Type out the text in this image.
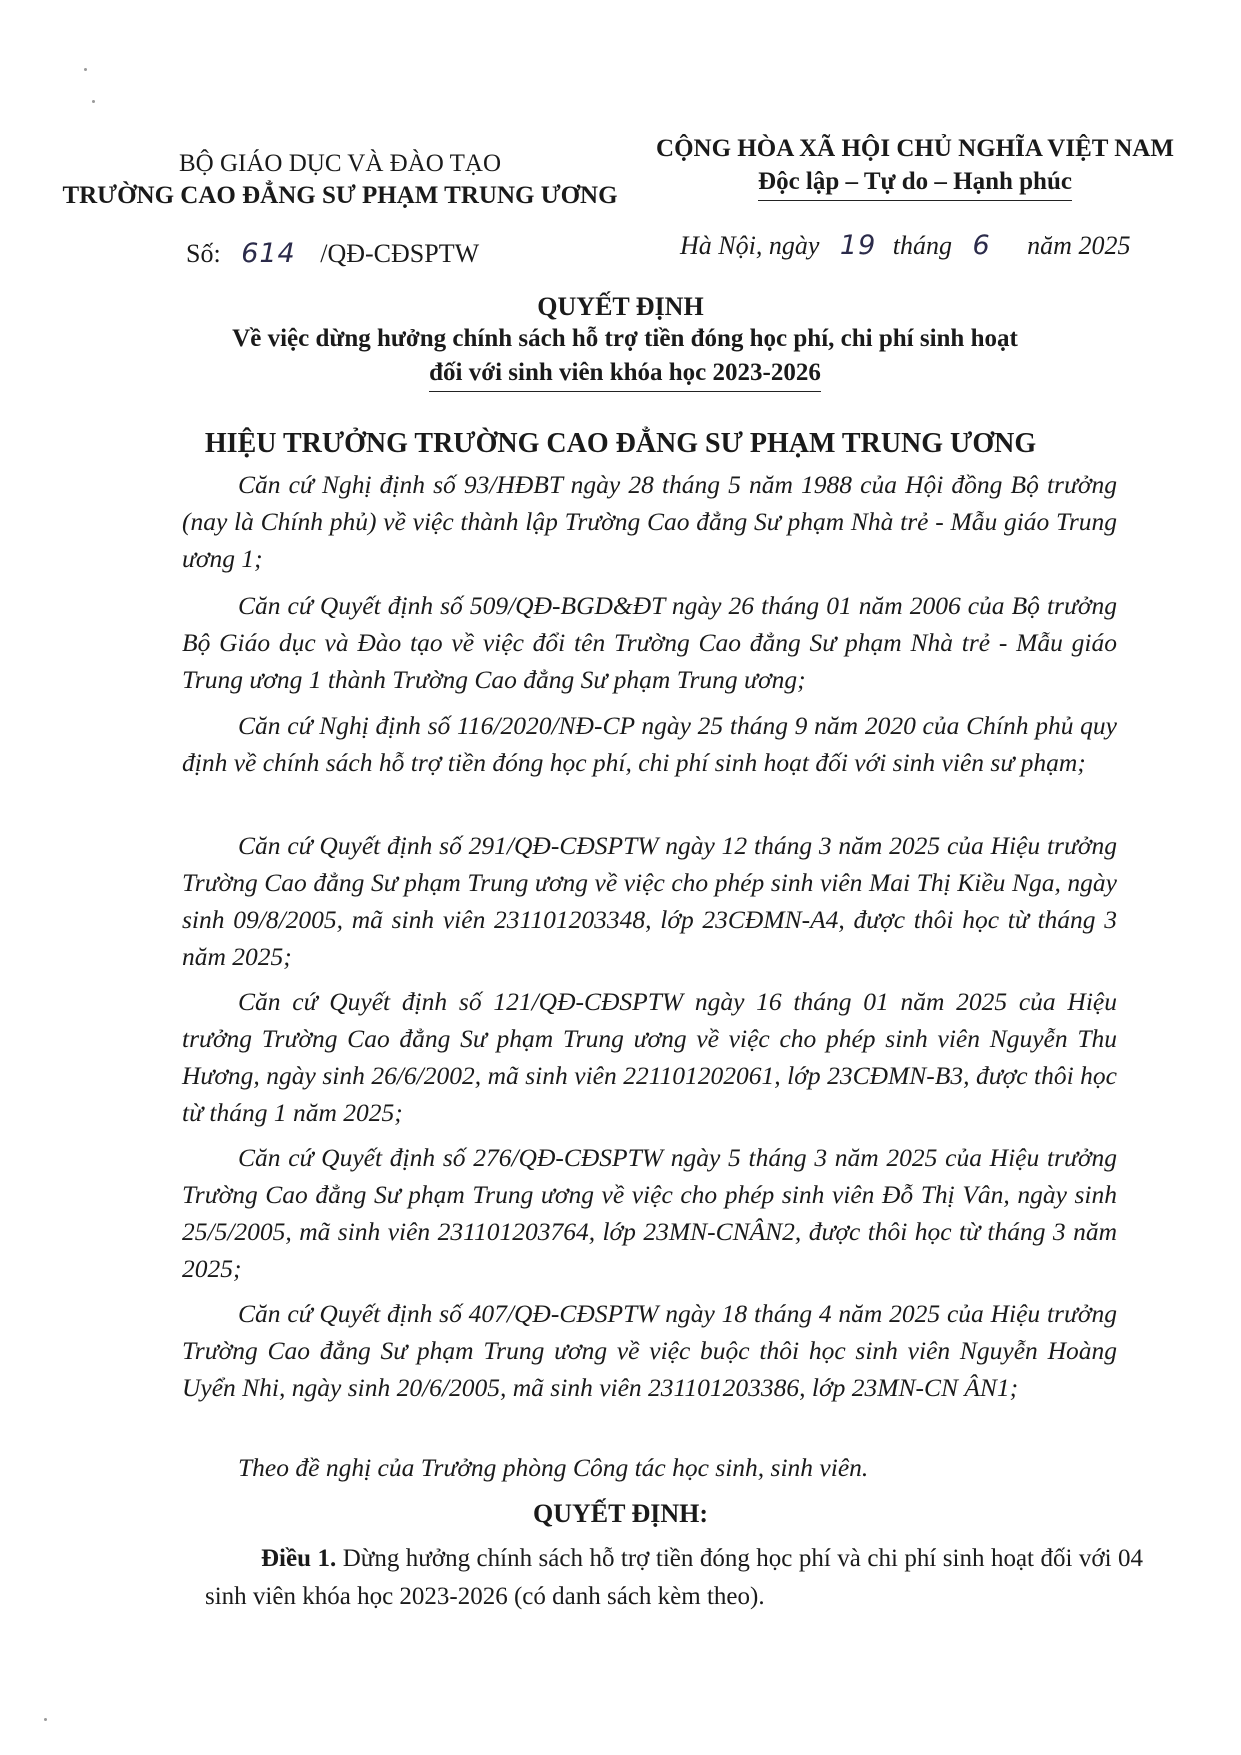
BỘ GIÁO DỤC VÀ ĐÀO TẠO
TRƯỜNG CAO ĐẲNG SƯ PHẠM TRUNG ƯƠNG
CỘNG HÒA XÃ HỘI CHỦ NGHĨA VIỆT NAM
Độc lập – Tự do – Hạnh phúc
Số: 614 /QĐ-CĐSPTW	Hà Nội, ngày 19 tháng 6 năm 2025
QUYẾT ĐỊNH
Về việc dừng hưởng chính sách hỗ trợ tiền đóng học phí, chi phí sinh hoạt
đối với sinh viên khóa học 2023-2026
HIỆU TRƯỞNG TRƯỜNG CAO ĐẲNG SƯ PHẠM TRUNG ƯƠNG

Căn cứ Nghị định số 93/HĐBT ngày 28 tháng 5 năm 1988 của Hội đồng Bộ trưởng (nay là Chính phủ) về việc thành lập Trường Cao đẳng Sư phạm Nhà trẻ - Mẫu giáo Trung ương 1;

Căn cứ Quyết định số 509/QĐ-BGD&ĐT ngày 26 tháng 01 năm 2006 của Bộ trưởng Bộ Giáo dục và Đào tạo về việc đổi tên Trường Cao đẳng Sư phạm Nhà trẻ - Mẫu giáo Trung ương 1 thành Trường Cao đẳng Sư phạm Trung ương;

Căn cứ Nghị định số 116/2020/NĐ-CP ngày 25 tháng 9 năm 2020 của Chính phủ quy định về chính sách hỗ trợ tiền đóng học phí, chi phí sinh hoạt đối với sinh viên sư phạm;

Căn cứ Quyết định số 291/QĐ-CĐSPTW ngày 12 tháng 3 năm 2025 của Hiệu trưởng Trường Cao đẳng Sư phạm Trung ương về việc cho phép sinh viên Mai Thị Kiều Nga, ngày sinh 09/8/2005, mã sinh viên 231101203348, lớp 23CĐMN-A4, được thôi học từ tháng 3 năm 2025;

Căn cứ Quyết định số 121/QĐ-CĐSPTW ngày 16 tháng 01 năm 2025 của Hiệu trưởng Trường Cao đẳng Sư phạm Trung ương về việc cho phép sinh viên Nguyễn Thu Hương, ngày sinh 26/6/2002, mã sinh viên 221101202061, lớp 23CĐMN-B3, được thôi học từ tháng 1 năm 2025;

Căn cứ Quyết định số 276/QĐ-CĐSPTW ngày 5 tháng 3 năm 2025 của Hiệu trưởng Trường Cao đẳng Sư phạm Trung ương về việc cho phép sinh viên Đỗ Thị Vân, ngày sinh 25/5/2005, mã sinh viên 231101203764, lớp 23MN-CNÂN2, được thôi học từ tháng 3 năm 2025;

Căn cứ Quyết định số 407/QĐ-CĐSPTW ngày 18 tháng 4 năm 2025 của Hiệu trưởng Trường Cao đẳng Sư phạm Trung ương về việc buộc thôi học sinh viên Nguyễn Hoàng Uyển Nhi, ngày sinh 20/6/2005, mã sinh viên 231101203386, lớp 23MN-CN ÂN1;

Theo đề nghị của Trưởng phòng Công tác học sinh, sinh viên.

QUYẾT ĐỊNH:

Điều 1. Dừng hưởng chính sách hỗ trợ tiền đóng học phí và chi phí sinh hoạt đối với 04 sinh viên khóa học 2023-2026 (có danh sách kèm theo).
